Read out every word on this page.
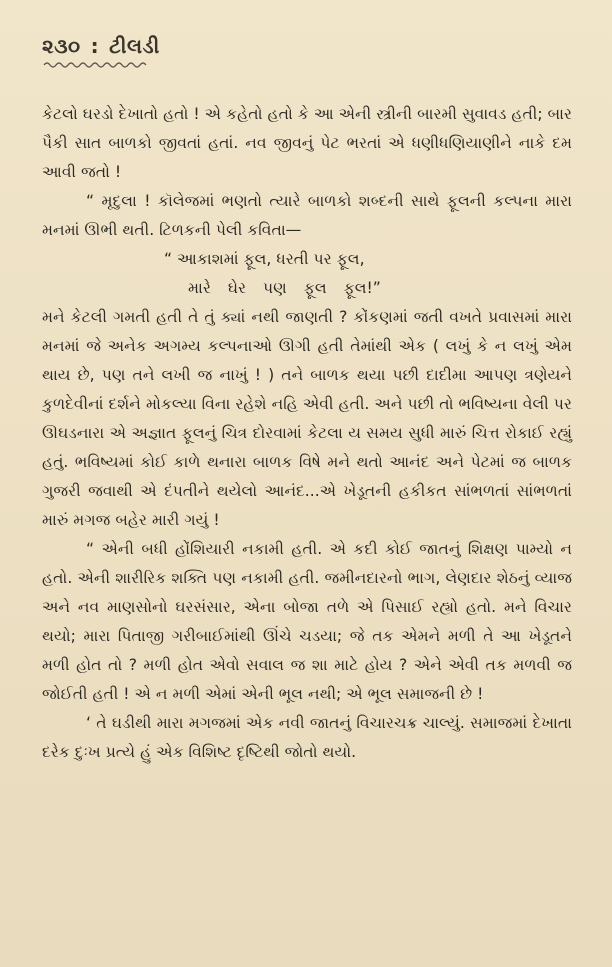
૨૩૦ : ટીલડી

કેટલો ઘરડો દેખાતો હતો ! એ કહેતો હતો કે આ એની સ્ત્રીની બારમી સુવાવડ હતી; બાર પૈકી સાત બાળકો જીવતાં હતાં. નવ જીવનું પેટ ભરતાં એ ધણીધણિયાણીને નાકે દમ આવી જતો !

“ મૃદુલા ! કૉલેજમાં ભણતો ત્યારે બાળકો શબ્દની સાથે ફૂલની કલ્પના મારા મનમાં ઊભી થતી. ટિળકની પેલી કવિતા—

“ આકાશમાં ફૂલ, ધરતી પર ફૂલ,

મારે ઘેર પણ ફૂલ ફૂલ!”

મને કેટલી ગમતી હતી તે તું ક્યાં નથી જાણતી ? કોંકણમાં જતી વખતે પ્રવાસમાં મારા મનમાં જે અનેક અગમ્ય કલ્પનાઓ ઊગી હતી તેમાંથી એક ( લખું કે ન લખું એમ થાય છે, પણ તને લખી જ નાખું ! ) તને બાળક થયા પછી દાદીમા આપણ ત્રણેયને કુળદેવીનાં દર્શને મોકલ્યા વિના રહેશે નહિ એવી હતી. અને પછી તો ભવિષ્યના વેલી પર ઊઘડનારા એ અજ્ઞાત ફૂલનું ચિત્ર દોરવામાં કેટલા ય સમય સુધી મારું ચિત્ત રોકાઈ રહ્યું હતું. ભવિષ્યમાં કોઈ કાળે થનારા બાળક વિષે મને થતો આનંદ અને પેટમાં જ બાળક ગુજરી જવાથી એ દંપતીને થયેલો આનંદ...એ ખેડૂતની હકીકત સાંભળતાં સાંભળતાં મારું મગજ બહેર મારી ગયું !

“ એની બધી હોંશિયારી નકામી હતી. એ કદી કોઈ જાતનું શિક્ષણ પામ્યો ન હતો. એની શારીરિક શક્તિ પણ નકામી હતી. જમીનદારનો ભાગ, લેણદાર શેઠનું વ્યાજ અને નવ માણસોનો ઘરસંસાર, એના બોજા તળે એ પિસાઈ રહ્યો હતો. મને વિચાર થયો; મારા પિતાજી ગરીબાઈમાંથી ઊંચે ચડયા; જે તક એમને મળી તે આ ખેડૂતને મળી હોત તો ? મળી હોત એવો સવાલ જ શા માટે હોય ? એને એવી તક મળવી જ જોઈતી હતી ! એ ન મળી એમાં એની ભૂલ નથી; એ ભૂલ સમાજની છે !

‘ તે ઘડીથી મારા મગજમાં એક નવી જાતનું વિચારચક્ર ચાલ્યું. સમાજમાં દેખાતા દરેક દુઃખ પ્રત્યે હું એક વિશિષ્ટ દૃષ્ટિથી જોતો થયો.
